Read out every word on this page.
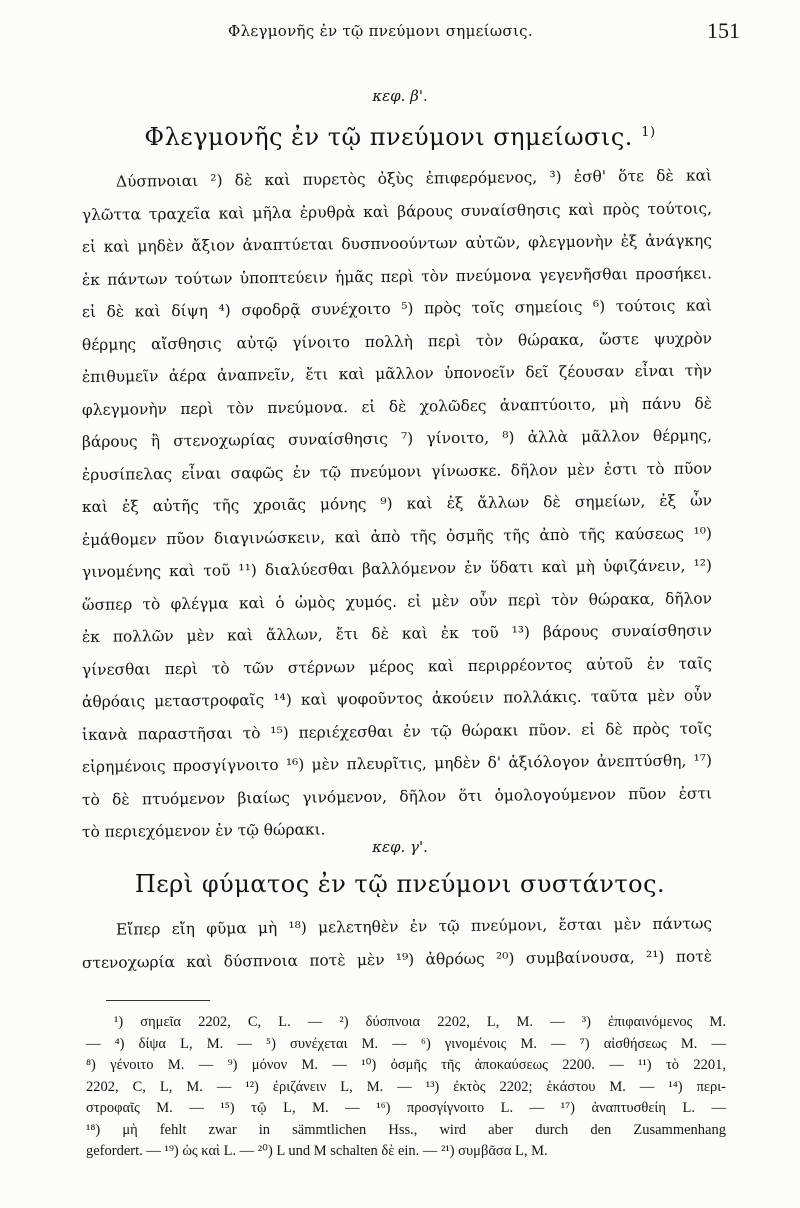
Φλεγμονῆς ἐν τῷ πνεύμονι σημείωσις.	151
κεφ. β'.
Φλεγμονῆς ἐν τῷ πνεύμονι σημείωσις. $^{1)}$
Δύσπνοιαι ²) δὲ καὶ πυρετὸς ὀξὺς ἐπιφερόμενος, ³) ἐσθ' ὅτε δὲ καὶ
γλῶττα τραχεῖα καὶ μῆλα ἐρυθρὰ καὶ βάρους συναίσθησις καὶ πρὸς τούτοις,
εἰ καὶ μηδὲν ἄξιον ἀναπτύεται δυσπνοούντων αὐτῶν, φλεγμονὴν ἐξ ἀνάγκης
ἐκ πάντων τούτων ὑποπτεύειν ἡμᾶς περὶ τὸν πνεύμονα γεγενῆσθαι προσήκει.
εἰ δὲ καὶ δίψη ⁴) σφοδρᾷ συνέχοιτο ⁵) πρὸς τοῖς σημείοις ⁶) τούτοις καὶ
θέρμης αἴσθησις αὐτῷ γίνοιτο πολλὴ περὶ τὸν θώρακα, ὥστε ψυχρὸν
ἐπιθυμεῖν ἀέρα ἀναπνεῖν, ἔτι καὶ μᾶλλον ὑπονοεῖν δεῖ ζέουσαν εἶναι τὴν
φλεγμονὴν περὶ τὸν πνεύμονα. εἰ δὲ χολῶδες ἀναπτύοιτο, μὴ πάνυ δὲ
βάρους ἢ στενοχωρίας συναίσθησις ⁷) γίνοιτο, ⁸) ἀλλὰ μᾶλλον θέρμης,
ἐρυσίπελας εἶναι σαφῶς ἐν τῷ πνεύμονι γίνωσκε. δῆλον μὲν ἐστι τὸ πῦον
καὶ ἐξ αὐτῆς τῆς χροιᾶς μόνης ⁹) καὶ ἐξ ἄλλων δὲ σημείων, ἐξ ὧν
ἐμάθομεν πῦον διαγινώσκειν, καὶ ἀπὸ τῆς ὀσμῆς τῆς ἀπὸ τῆς καύσεως ¹⁰)
γινομένης καὶ τοῦ ¹¹) διαλύεσθαι βαλλόμενον ἐν ὕδατι καὶ μὴ ὑφιζάνειν, ¹²)
ὥσπερ τὸ φλέγμα καὶ ὁ ὠμὸς χυμός. εἰ μὲν οὖν περὶ τὸν θώρακα, δῆλον
ἐκ πολλῶν μὲν καὶ ἄλλων, ἔτι δὲ καὶ ἐκ τοῦ ¹³) βάρους συναίσθησιν
γίνεσθαι περὶ τὸ τῶν στέρνων μέρος καὶ περιρρέοντος αὐτοῦ ἐν ταῖς
ἀθρόαις μεταστροφαῖς ¹⁴) καὶ ψοφοῦντος ἀκούειν πολλάκις. ταῦτα μὲν οὖν
ἱκανὰ παραστῆσαι τὸ ¹⁵) περιέχεσθαι ἐν τῷ θώρακι πῦον. εἰ δὲ πρὸς τοῖς
εἰρημένοις προσγίγνοιτο ¹⁶) μὲν πλευρῖτις, μηδὲν δ' ἀξιόλογον ἀνεπτύσθη, ¹⁷)
τὸ δὲ πτυόμενον βιαίως γινόμενον, δῆλον ὅτι ὁμολογούμενον πῦον ἐστι
τὸ περιεχόμενον ἐν τῷ θώρακι.
κεφ. γ'.
Περὶ φύματος ἐν τῷ πνεύμονι συστάντος.
Εἴπερ εἴη φῦμα μὴ ¹⁸) μελετηθὲν ἐν τῷ πνεύμονι, ἔσται μὲν πάντως
στενοχωρία καὶ δύσπνοια ποτὲ μὲν ¹⁹) ἀθρόως ²⁰) συμβαίνουσα, ²¹) ποτὲ
¹) σημεῖα 2202, C, L. — ²) δύσπνοια 2202, L, M. — ³) ἐπιφαινόμενος M.
— ⁴) δίψα L, M. — ⁵) συνέχεται M. — ⁶) γινομένοις M. — ⁷) αἰσθήσεως M. —
⁸) γένοιτο M. — ⁹) μόνον M. — ¹⁰) ὀσμῆς τῆς ἀποκαύσεως 2200. — ¹¹) τὸ 2201,
2202, C, L, M. — ¹²) ἐριζάνειν L, M. — ¹³) ἐκτὸς 2202; ἑκάστου M. — ¹⁴) περι-
στροφαῖς M. — ¹⁵) τῷ L, M. — ¹⁶) προσγίγνοιτο L. — ¹⁷) ἀναπτυσθείη L. —
¹⁸) μὴ fehlt zwar in sämmtlichen Hss., wird aber durch den Zusammenhang
gefordert. — ¹⁹) ὡς καὶ L. — ²⁰) L und M schalten δὲ ein. — ²¹) συμβᾶσα L, M.
